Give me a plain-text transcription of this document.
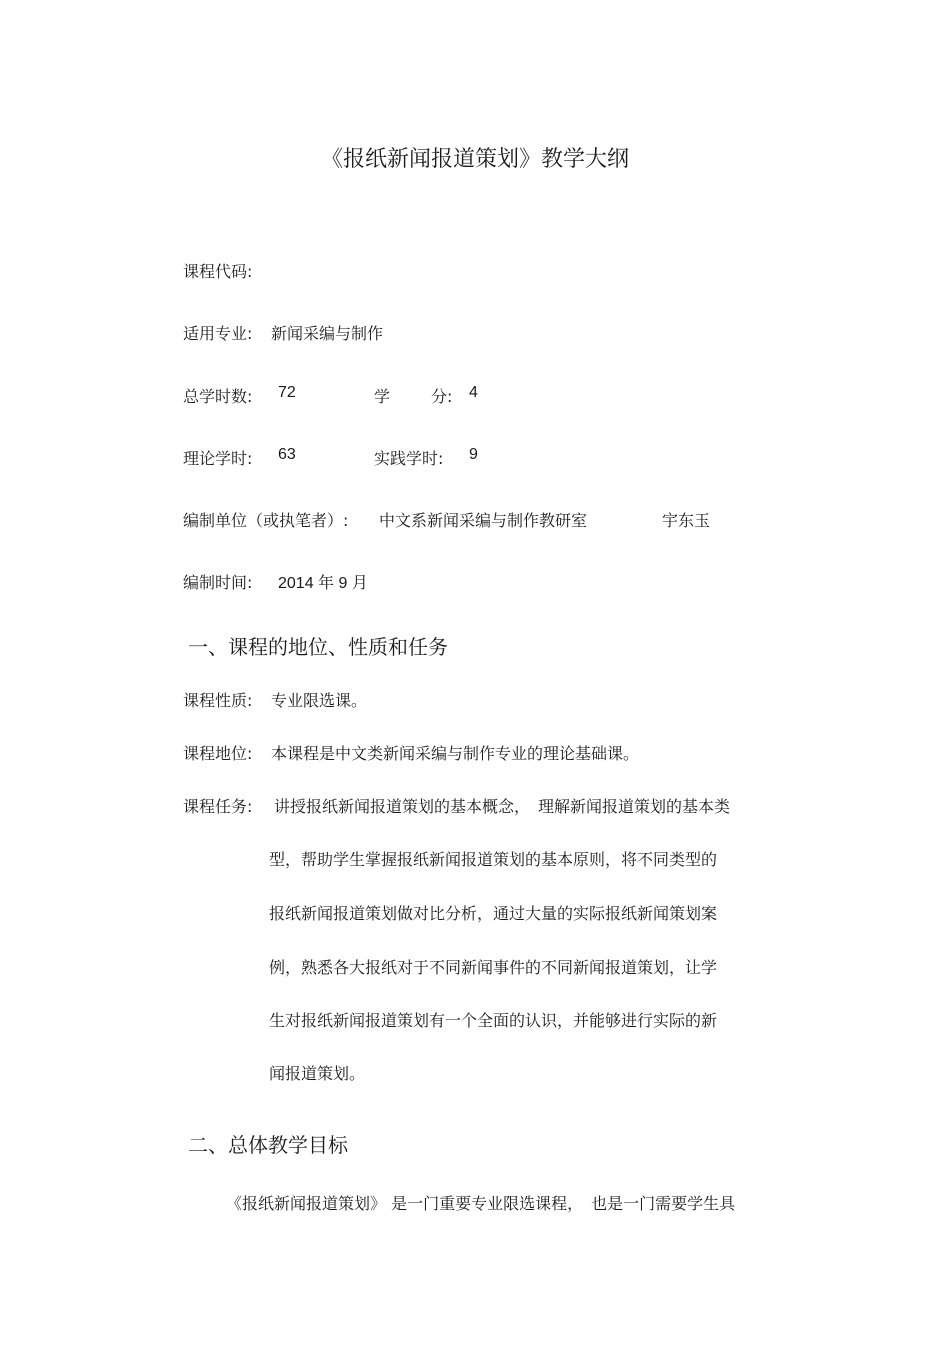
《报纸新闻报道策划》教学大纲
课程代码:
适用专业: 新闻采编与制作
总学时数: 72	学	分: 4
理论学时: 63	实践学时: 9
编制单位（或执笔者）: 中文系新闻采编与制作教研室	宇东玉
编制时间: 2014 年 9 月
一、课程的地位、性质和任务
课程性质: 专业限选课。
课程地位: 本课程是中文类新闻采编与制作专业的理论基础课。
课程任务: 讲授报纸新闻报道策划的基本概念，　理解新闻报道策划的基本类
型，帮助学生掌握报纸新闻报道策划的基本原则，将不同类型的
报纸新闻报道策划做对比分析，通过大量的实际报纸新闻策划案
例，熟悉各大报纸对于不同新闻事件的不同新闻报道策划，让学
生对报纸新闻报道策划有一个全面的认识，并能够进行实际的新
闻报道策划。
二、总体教学目标
《报纸新闻报道策划》 是一门重要专业限选课程，　也是一门需要学生具
